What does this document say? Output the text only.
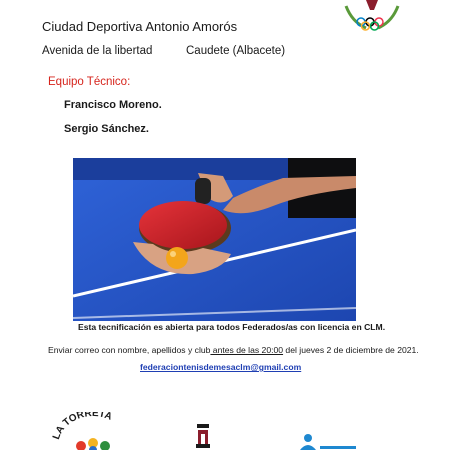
Ciudad Deportiva Antonio Amorós
Avenida de la libertad	Caudete (Albacete)
Equipo Técnico:
Francisco Moreno.
Sergio Sánchez.
Esta tecnificación es abierta para todos Federados/as con licencia en CLM.
Enviar correo con nombre, apellidos y club antes de las 20:00 del jueves 2 de diciembre de 2021.
federaciontenisdemesaclm@gmail.com
LA TORRETA
